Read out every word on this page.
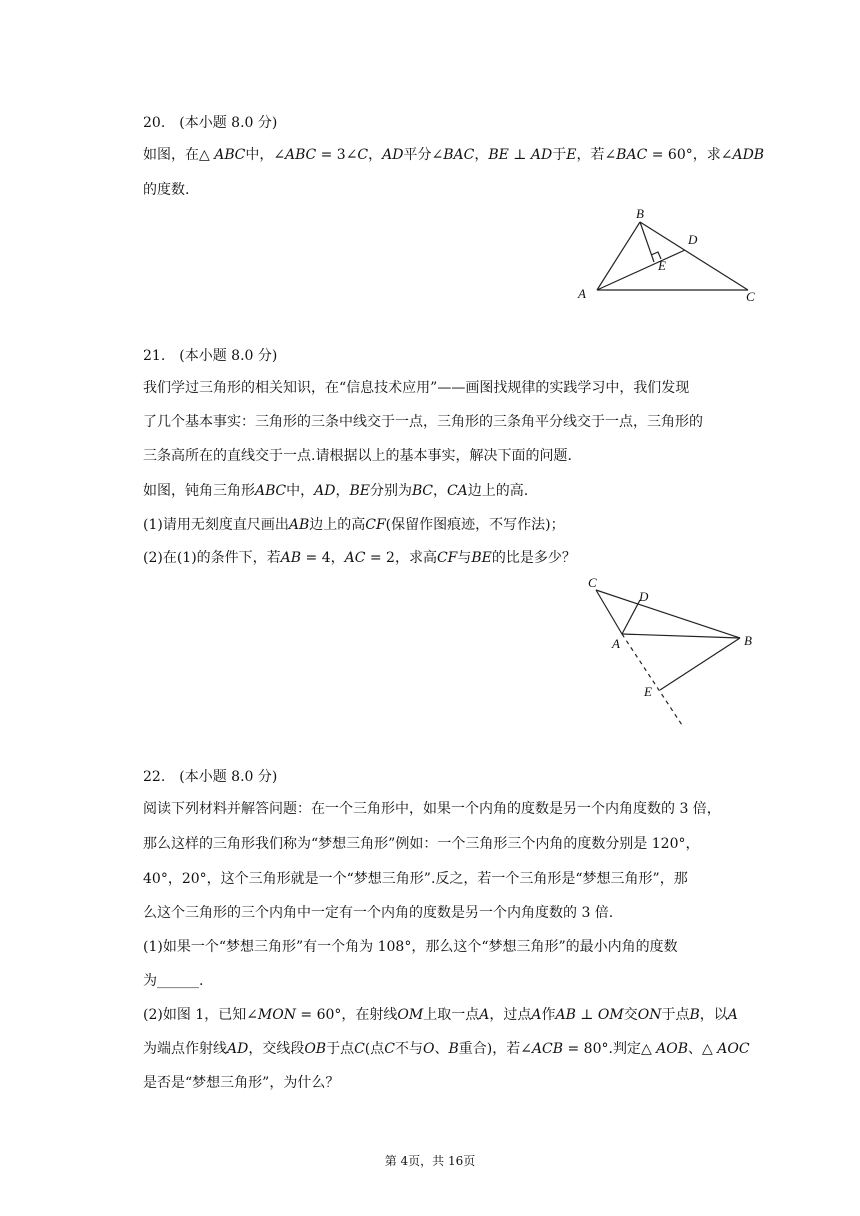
20.　(本小题 8.0 分)
如图，在△ 𝐴𝐵𝐶中，∠𝐴𝐵𝐶 = 3∠𝐶，𝐴𝐷平分∠𝐵𝐴𝐶，𝐵𝐸 ⊥ 𝐴𝐷于𝐸，若∠𝐵𝐴𝐶 = 60°，求∠𝐴𝐷𝐵
的度数.
B
D
E
A	C
21.　(本小题 8.0 分)
我们学过三角形的相关知识，在“信息技术应用”——画图找规律的实践学习中，我们发现
了几个基本事实：三角形的三条中线交于一点，三角形的三条角平分线交于一点，三角形的
三条高所在的直线交于一点.请根据以上的基本事实，解决下面的问题.
如图，钝角三角形𝐴𝐵𝐶中，𝐴𝐷，𝐵𝐸分别为𝐵𝐶，𝐶𝐴边上的高.
(1)请用无刻度直尺画出𝐴𝐵边上的高𝐶𝐹(保留作图痕迹，不写作法)；
(2)在(1)的条件下，若𝐴𝐵 = 4，𝐴𝐶 = 2，求高𝐶𝐹与𝐵𝐸的比是多少？
C
D
A	B
E
22.　(本小题 8.0 分)
阅读下列材料并解答问题：在一个三角形中，如果一个内角的度数是另一个内角度数的 3 倍，
那么这样的三角形我们称为“梦想三角形”例如：一个三角形三个内角的度数分别是 120°，
40°，20°，这个三角形就是一个“梦想三角形”.反之，若一个三角形是“梦想三角形”，那
么这个三角形的三个内角中一定有一个内角的度数是另一个内角度数的 3 倍.
(1)如果一个“梦想三角形”有一个角为 108°，那么这个“梦想三角形”的最小内角的度数
为______.
(2)如图 1，已知∠𝑀𝑂𝑁 = 60°，在射线𝑂𝑀上取一点𝐴，过点𝐴作𝐴𝐵 ⊥ 𝑂𝑀交𝑂𝑁于点𝐵，以𝐴
为端点作射线𝐴𝐷，交线段𝑂𝐵于点𝐶(点𝐶不与𝑂、𝐵重合)，若∠𝐴𝐶𝐵 = 80°.判定△ 𝐴𝑂𝐵、△ 𝐴𝑂𝐶
是否是“梦想三角形”，为什么？
第 4页，共 16页
